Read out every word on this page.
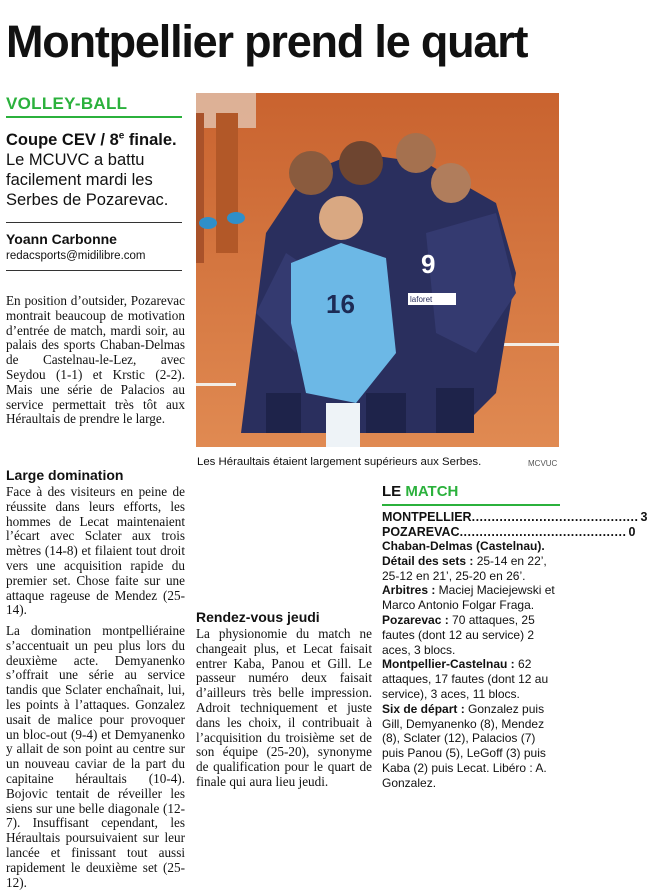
Montpellier prend le quart
VOLLEY-BALL
Coupe CEV / 8e finale. Le MCUVC a battu facilement mardi les Serbes de Pozarevac.
Yoann Carbonne
redacsports@midilibre.com

En position d’outsider, Pozarevac montrait beaucoup de motivation d’entrée de match, mardi soir, au palais des sports Chaban-Delmas de Castelnau-le-Lez, avec Seydou (1-1) et Krstic (2-2). Mais une série de Palacios au service permettait très tôt aux Héraultais de prendre le large.

Large domination

Face à des visiteurs en peine de réussite dans leurs efforts, les hommes de Lecat maintenaient l’écart avec Sclater aux trois mètres (14-8) et filaient tout droit vers une acquisition rapide du premier set. Chose faite sur une attaque rageuse de Mendez (25-14).

La domination montpelliéraine s’accentuait un peu plus lors du deuxième acte. Demyanenko s’offrait une série au service tandis que Sclater enchaînait, lui, les points à l’attaques. Gonzalez usait de malice pour provoquer un bloc-out (9-4) et Demyanenko y allait de son point au centre sur un nouveau caviar de la part du capitaine héraultais (10-4). Bojovic tentait de réveiller les siens sur une belle diagonale (12-7). Insuffisant cependant, les Héraultais poursuivaient sur leur lancée et finissant tout aussi rapidement le deuxième set (25-12).

Rendez-vous jeudi

La physionomie du match ne changeait plus, et Lecat faisait entrer Kaba, Panou et Gill. Le passeur numéro deux faisait d’ailleurs très belle impression. Adroit techniquement et juste dans les choix, il contribuait à l’acquisition du troisième set de son équipe (25-20), synonyme de qualification pour le quart de finale qui aura lieu jeudi.

16
9
laforet
Les Héraultais étaient largement supérieurs aux Serbes.	MCVUC
LE MATCH
MONTPELLIER .......................................... 3
POZAREVAC .......................................... 0

Chaban-Delmas (Castelnau).

Détail des sets : 25-14 en 22’, 25-12 en 21’, 25-20 en 26’.

Arbitres : Maciej Maciejewski et Marco Antonio Folgar Fraga.

Pozarevac : 70 attaques, 25 fautes (dont 12 au service) 2 aces, 3 blocs.

Montpellier-Castelnau : 62 attaques, 17 fautes (dont 12 au service), 3 aces, 11 blocs.

Six de départ : Gonzalez puis Gill, Demyanenko (8), Mendez (8), Sclater (12), Palacios (7) puis Panou (5), LeGoff (3) puis Kaba (2) puis Lecat. Libéro : A. Gonzalez.
